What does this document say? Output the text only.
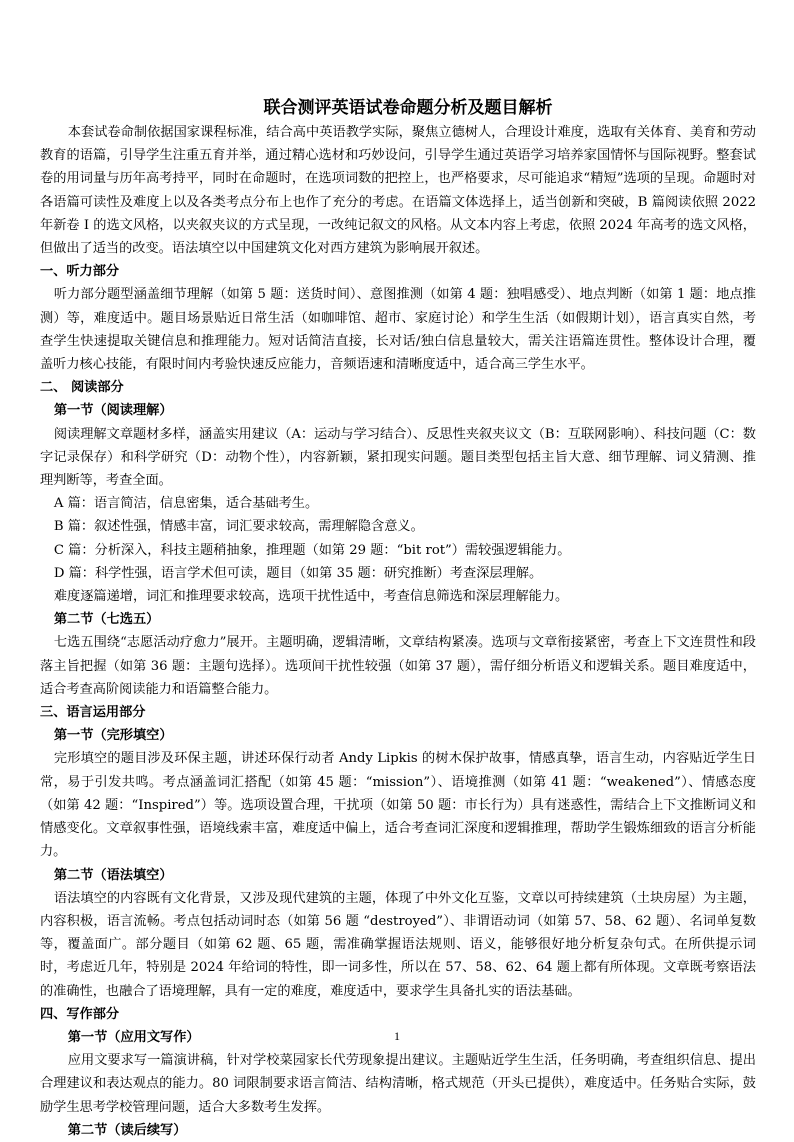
联合测评英语试卷命题分析及题目解析

本套试卷命制依据国家课程标准，结合高中英语教学实际，聚焦立德树人，合理设计难度，选取有关体育、美育和劳动教育的语篇，引导学生注重五育并举，通过精心选材和巧妙设问，引导学生通过英语学习培养家国情怀与国际视野。整套试卷的用词量与历年高考持平，同时在命题时，在选项词数的把控上，也严格要求，尽可能追求“精短”选项的呈现。命题时对各语篇可读性及难度上以及各类考点分布上也作了充分的考虑。在语篇文体选择上，适当创新和突破，B 篇阅读依照 2022 年新卷 I 的选文风格，以夹叙夹议的方式呈现，一改纯记叙文的风格。从文本内容上考虑，依照 2024 年高考的选文风格，但做出了适当的改变。语法填空以中国建筑文化对西方建筑为影响展开叙述。

一、听力部分

听力部分题型涵盖细节理解（如第 5 题：送货时间）、意图推测（如第 4 题：独唱感受）、地点判断（如第 1 题：地点推测）等，难度适中。题目场景贴近日常生活（如咖啡馆、超市、家庭讨论）和学生生活（如假期计划），语言真实自然，考查学生快速提取关键信息和推理能力。短对话简洁直接，长对话/独白信息量较大，需关注语篇连贯性。整体设计合理，覆盖听力核心技能，有限时间内考验快速反应能力，音频语速和清晰度适中，适合高三学生水平。

二、 阅读部分

第一节（阅读理解）

阅读理解文章题材多样，涵盖实用建议（A：运动与学习结合）、反思性夹叙夹议文（B：互联网影响）、科技问题（C：数字记录保存）和科学研究（D：动物个性），内容新颖，紧扣现实问题。题目类型包括主旨大意、细节理解、词义猜测、推理判断等，考查全面。

A 篇：语言简洁，信息密集，适合基础考生。

B 篇：叙述性强，情感丰富，词汇要求较高，需理解隐含意义。

C 篇：分析深入，科技主题稍抽象，推理题（如第 29 题：“bit rot”）需较强逻辑能力。

D 篇：科学性强，语言学术但可读，题目（如第 35 题：研究推断）考查深层理解。

难度逐篇递增，词汇和推理要求较高，选项干扰性适中，考查信息筛选和深层理解能力。

第二节（七选五）

七选五围绕“志愿活动疗愈力”展开。主题明确，逻辑清晰，文章结构紧凑。选项与文章衔接紧密，考查上下文连贯性和段落主旨把握（如第 36 题：主题句选择）。选项间干扰性较强（如第 37 题），需仔细分析语义和逻辑关系。题目难度适中，适合考查高阶阅读能力和语篇整合能力。

三、语言运用部分

第一节（完形填空）

完形填空的题目涉及环保主题，讲述环保行动者 Andy Lipkis 的树木保护故事，情感真挚，语言生动，内容贴近学生日常，易于引发共鸣。考点涵盖词汇搭配（如第 45 题：“mission”）、语境推测（如第 41 题：“weakened”）、情感态度（如第 42 题：“Inspired”）等。选项设置合理，干扰项（如第 50 题：市长行为）具有迷惑性，需结合上下文推断词义和情感变化。文章叙事性强，语境线索丰富，难度适中偏上，适合考查词汇深度和逻辑推理，帮助学生锻炼细致的语言分析能力。

第二节（语法填空）

语法填空的内容既有文化背景，又涉及现代建筑的主题，体现了中外文化互鉴，文章以可持续建筑（土块房屋）为主题，内容积极，语言流畅。考点包括动词时态（如第 56 题 “destroyed”）、非谓语动词（如第 57、58、62 题）、名词单复数等，覆盖面广。部分题目（如第 62 题、65 题，需准确掌握语法规则、语义，能够很好地分析复杂句式。在所供提示词时，考虑近几年，特别是 2024 年给词的特性，即一词多性，所以在 57、58、62、64 题上都有所体现。文章既考察语法的准确性，也融合了语境理解，具有一定的难度，难度适中，要求学生具备扎实的语法基础。

四、写作部分

第一节（应用文写作）

应用文要求写一篇演讲稿，针对学校菜园家长代劳现象提出建议。主题贴近学生生活，任务明确，考查组织信息、提出合理建议和表达观点的能力。80 词限制要求语言简洁、结构清晰，格式规范（开头已提供），难度适中。任务贴合实际，鼓励学生思考学校管理问题，适合大多数考生发挥。

第二节（读后续写）

1
